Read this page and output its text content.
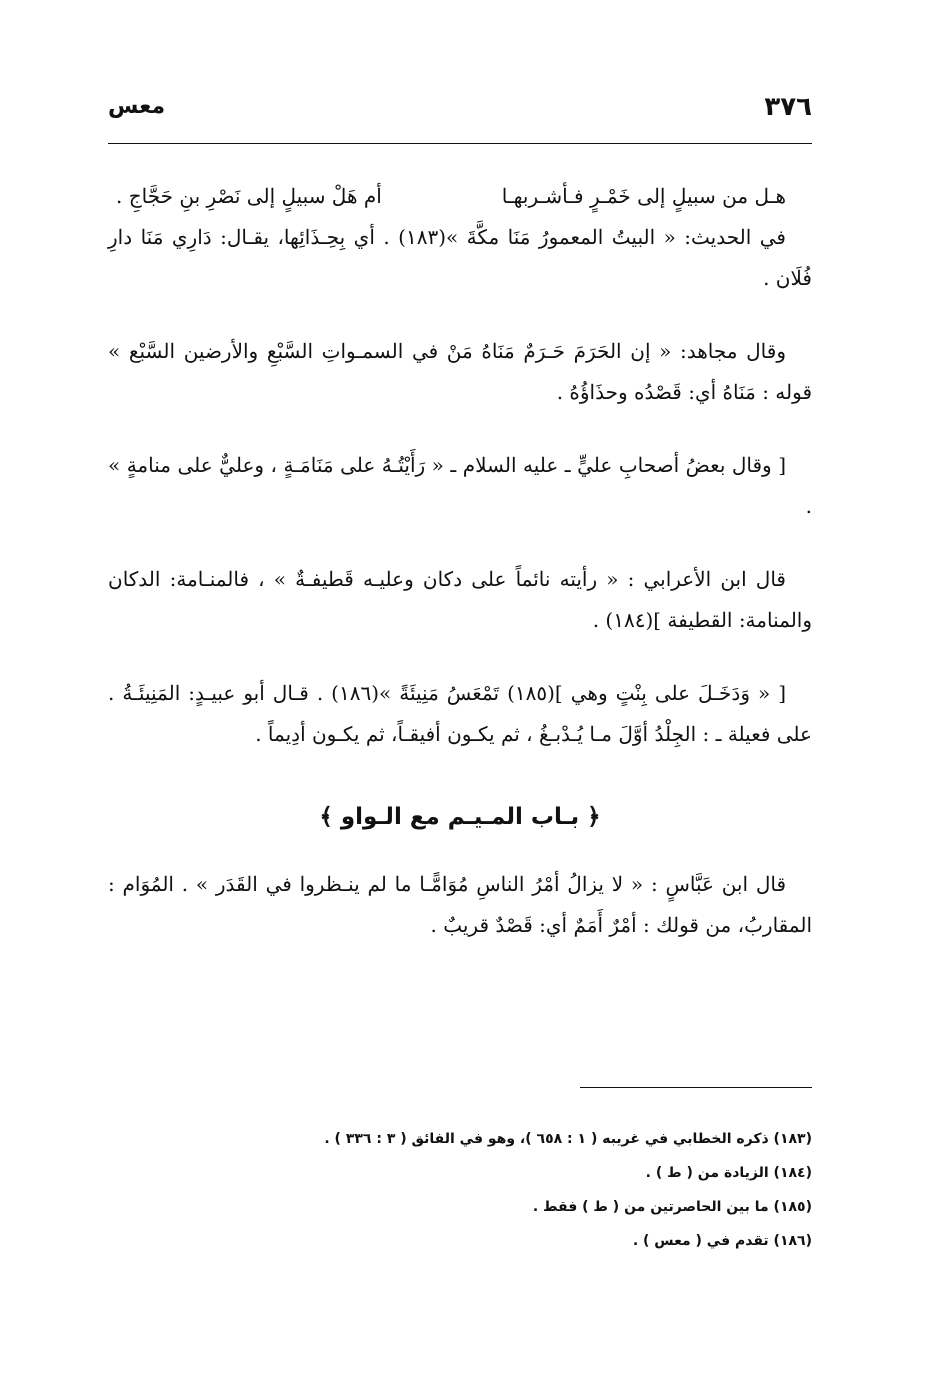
٣٧٦
معس

هـل من سبيلٍ إلى خَمْـرٍ فـأشـربهـا
أم هَلْ سبيلٍ إلى نَصْرِ بنِ حَجَّاجِ .

في الحديث: « البيتُ المعمورُ مَنَا مكَّةَ »(١٨٣) . أي بِحِـذَائِها، يقـال: دَارِي مَنَا دارِ فُلَان .

وقال مجاهد: « إن الحَرَمَ حَـرَمٌ مَنَاهُ مَنْ في السمـواتِ السَّبْعِ والأرضين السَّبْع » قوله : مَنَاهُ أي: قَصْدُه وحذَاؤُهُ .

[ وقال بعضُ أصحابِ عليٍّ ـ عليه السلام ـ « رَأَيْتُـهُ على مَنَامَـةٍ ، وعليٌّ على منامةٍ » .

قال ابن الأعرابي : « رأيته نائماً على دكان وعليـه قَطيفـةٌ » ، فالمنـامة: الدكان والمنامة: القطيفة ](١٨٤) .

[ « وَدَخَـلَ على بِنْتٍ وهي ](١٨٥) تَمْعَسُ مَنِيئَةً »(١٨٦) . قـال أبو عبيـدٍ: المَنِيئَـةُ . على فعيلة ـ : الجِلْدُ أوَّلَ مـا يُـدْبـغُ ، ثم يكـون أفيقـاً، ثم يكـون أدِيماً .

﴿ بـاب المـيـم مع الـواو ﴾

قال ابن عَبَّاسٍ : « لا يزالُ أمْرُ الناسِ مُوَامًّـا ما لم ينـظروا في القَدَر » . المُوَام : المقاربُ، من قولك : أمْرٌ أَمَمٌ أي: قَصْدٌ قريبٌ .

(١٨٣) ذكره الخطابي في غريبه ( ١ : ٦٥٨ )، وهو في الفائق ( ٣ : ٣٣٦ ) .
(١٨٤) الزيادة من ( ط ) .
(١٨٥) ما بين الحاصرتين من ( ط ) فقط .
(١٨٦) تقدم في ( معس ) .
